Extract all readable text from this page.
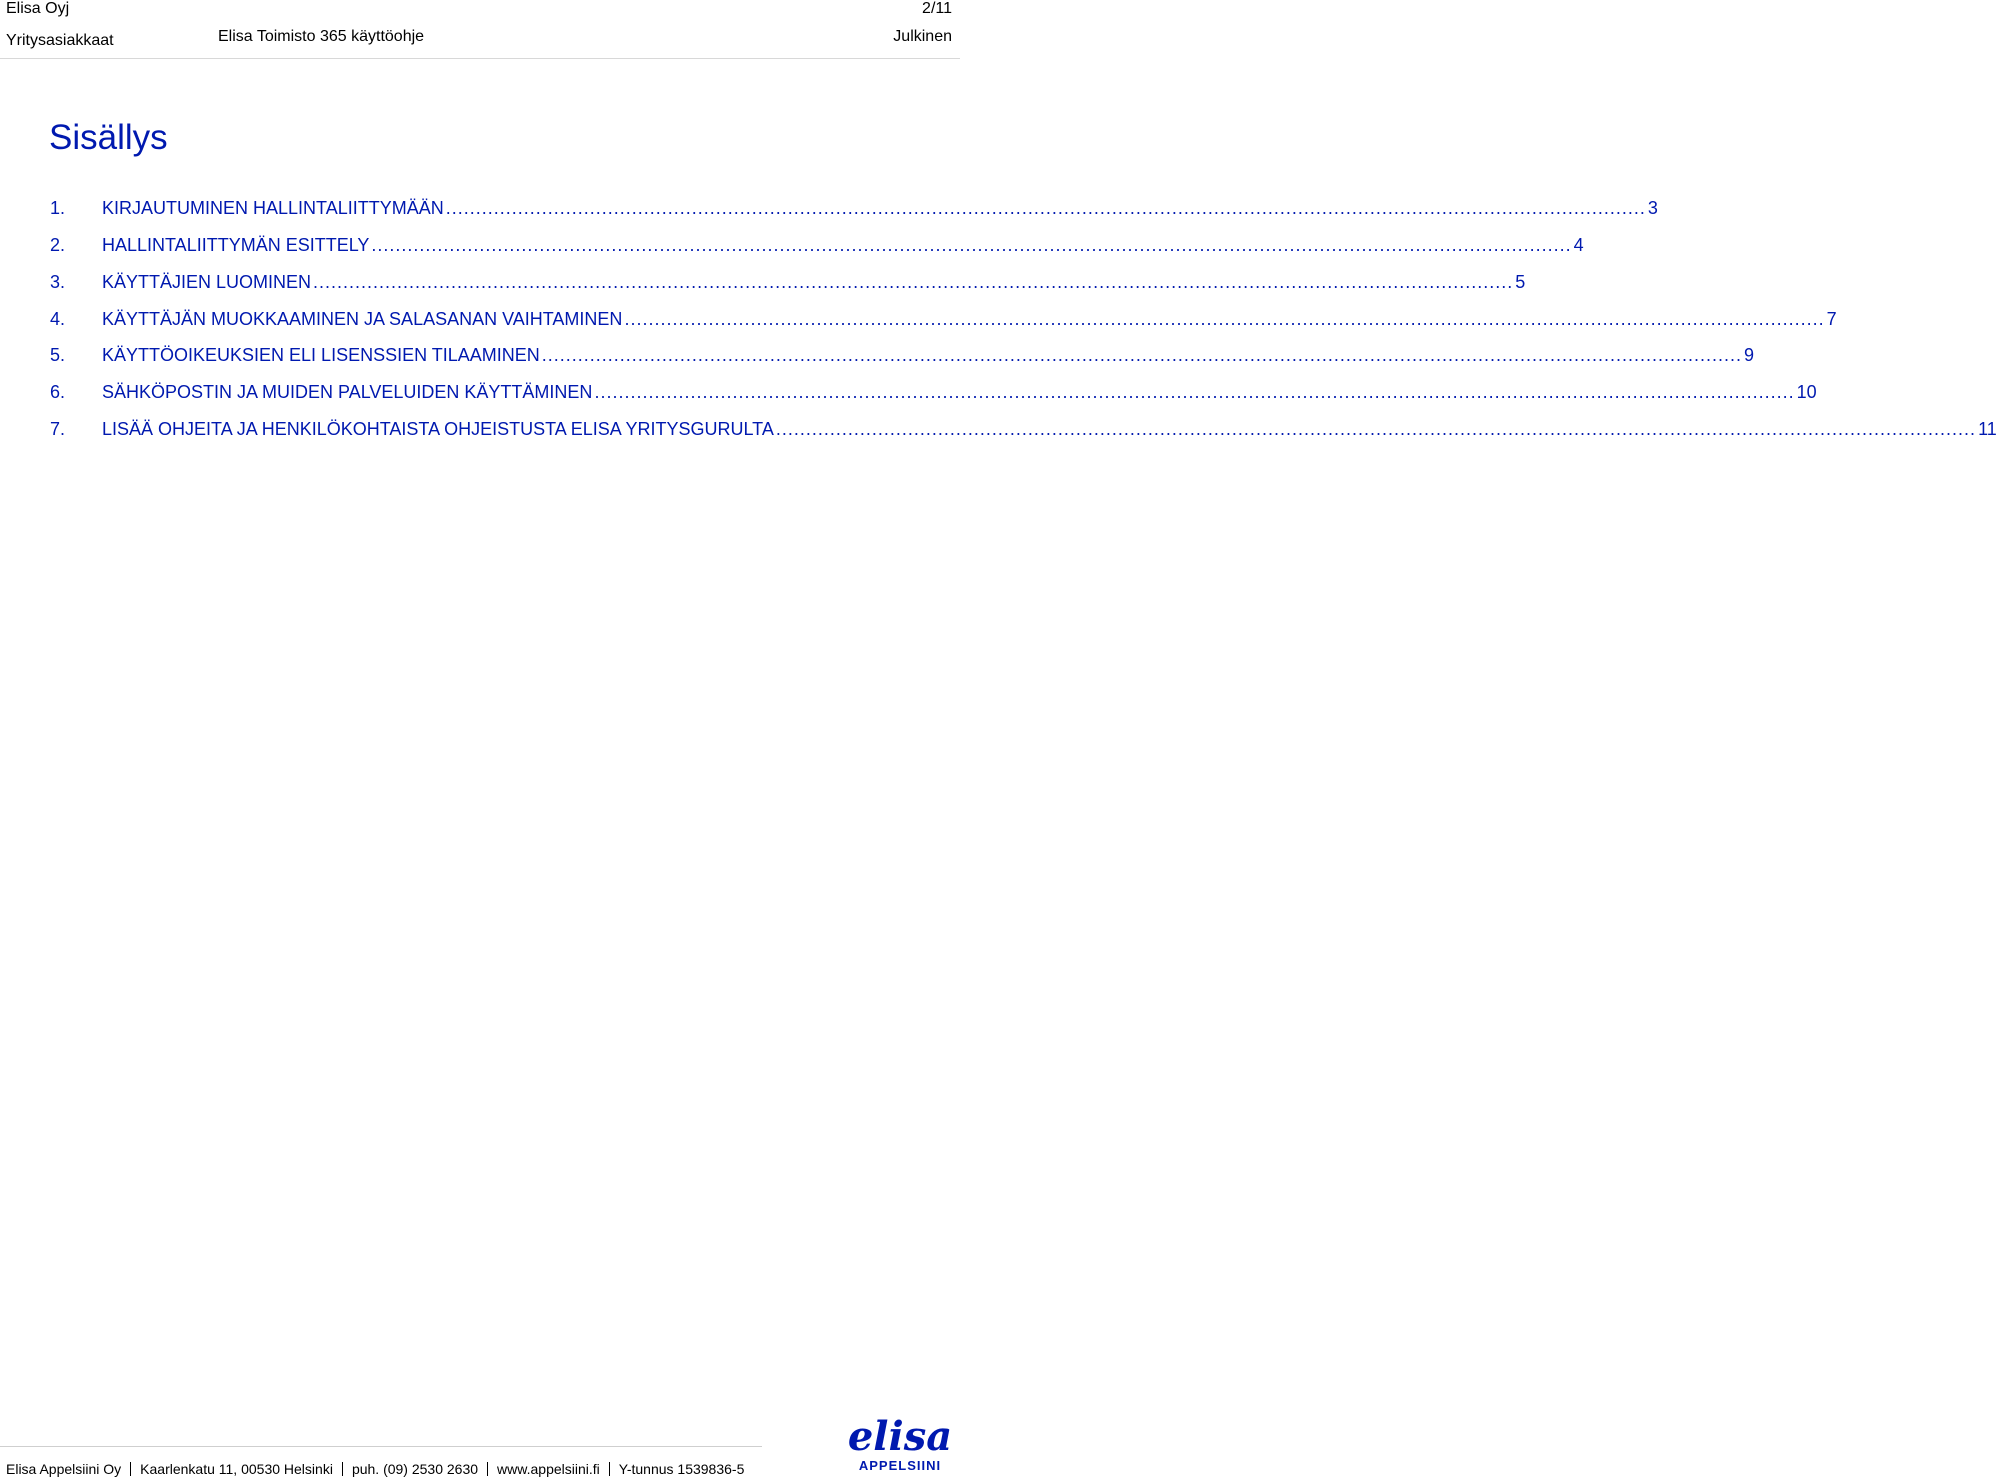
Elisa Oyj	2/11
Yritysasiakkaat	Elisa Toimisto 365 käyttöohje	Julkinen
Sisällys
1.	KIRJAUTUMINEN HALLINTALIITTYMÄÄN ........................................................................................................................................................................................................ 3
2.	HALLINTALIITTYMÄN ESITTELY ........................................................................................................................................................................................................ 4
3.	KÄYTTÄJIEN LUOMINEN ........................................................................................................................................................................................................ 5
4.	KÄYTTÄJÄN MUOKKAAMINEN JA SALASANAN VAIHTAMINEN ........................................................................................................................................................................................................ 7
5.	KÄYTTÖOIKEUKSIEN ELI LISENSSIEN TILAAMINEN ........................................................................................................................................................................................................ 9
6.	SÄHKÖPOSTIN JA MUIDEN PALVELUIDEN KÄYTTÄMINEN ........................................................................................................................................................................................................ 10
7.	LISÄÄ OHJEITA JA HENKILÖKOHTAISTA OHJEISTUSTA ELISA YRITYSGURULTA ........................................................................................................................................................................................................ 11
Elisa Appelsiini Oy Kaarlenkatu 11, 00530 Helsinki puh. (09) 2530 2630 www.appelsiini.fi Y-tunnus 1539836-5
elisa
APPELSIINI
